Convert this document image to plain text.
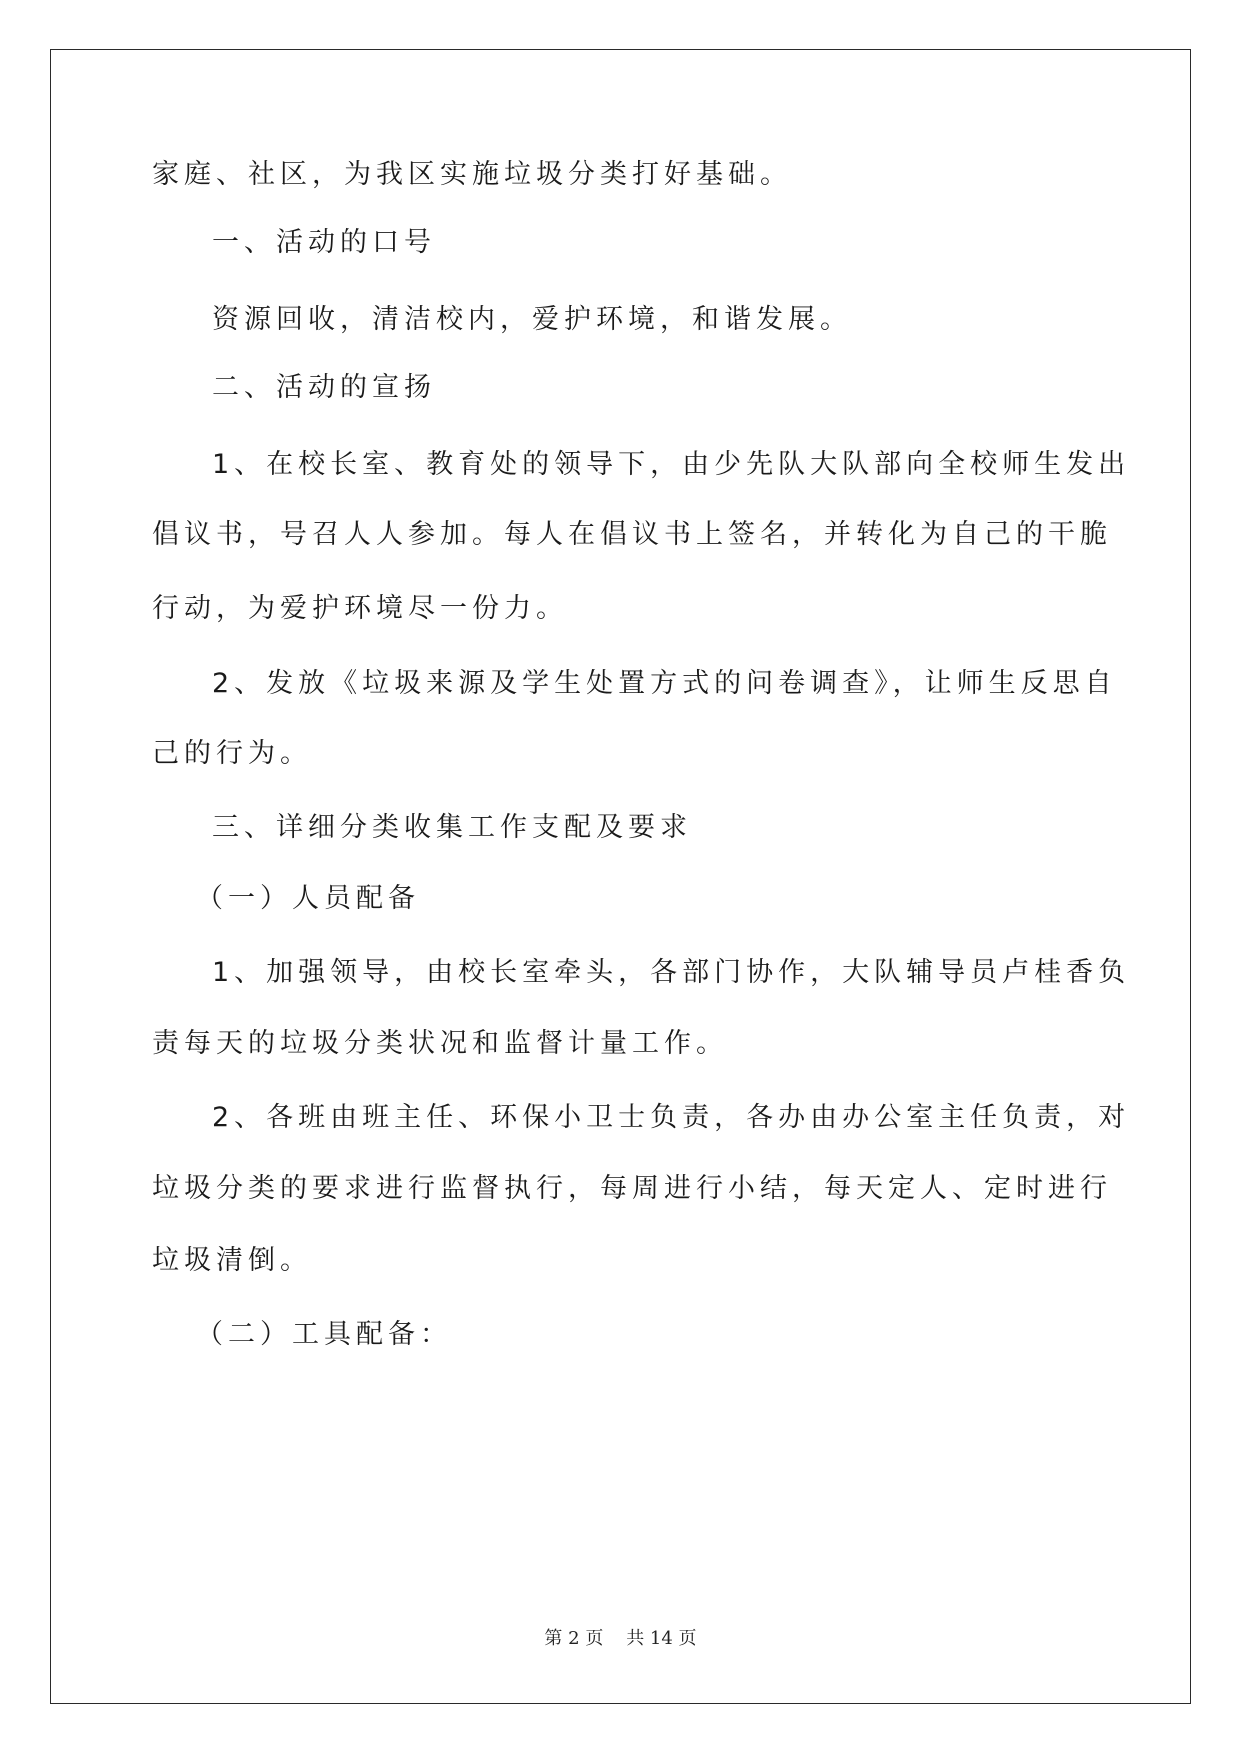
家庭、社区，为我区实施垃圾分类打好基础。
一、活动的口号
资源回收，清洁校内，爱护环境，和谐发展。
二、活动的宣扬
1、在校长室、教育处的领导下，由少先队大队部向全校师生发出
倡议书，号召人人参加。每人在倡议书上签名，并转化为自己的干脆
行动，为爱护环境尽一份力。
2、发放《垃圾来源及学生处置方式的问卷调查》，让师生反思自
己的行为。
三、详细分类收集工作支配及要求
（一）人员配备
1、加强领导，由校长室牵头，各部门协作，大队辅导员卢桂香负
责每天的垃圾分类状况和监督计量工作。
2、各班由班主任、环保小卫士负责，各办由办公室主任负责，对
垃圾分类的要求进行监督执行，每周进行小结，每天定人、定时进行
垃圾清倒。
（二）工具配备：
第 2 页    共 14 页
